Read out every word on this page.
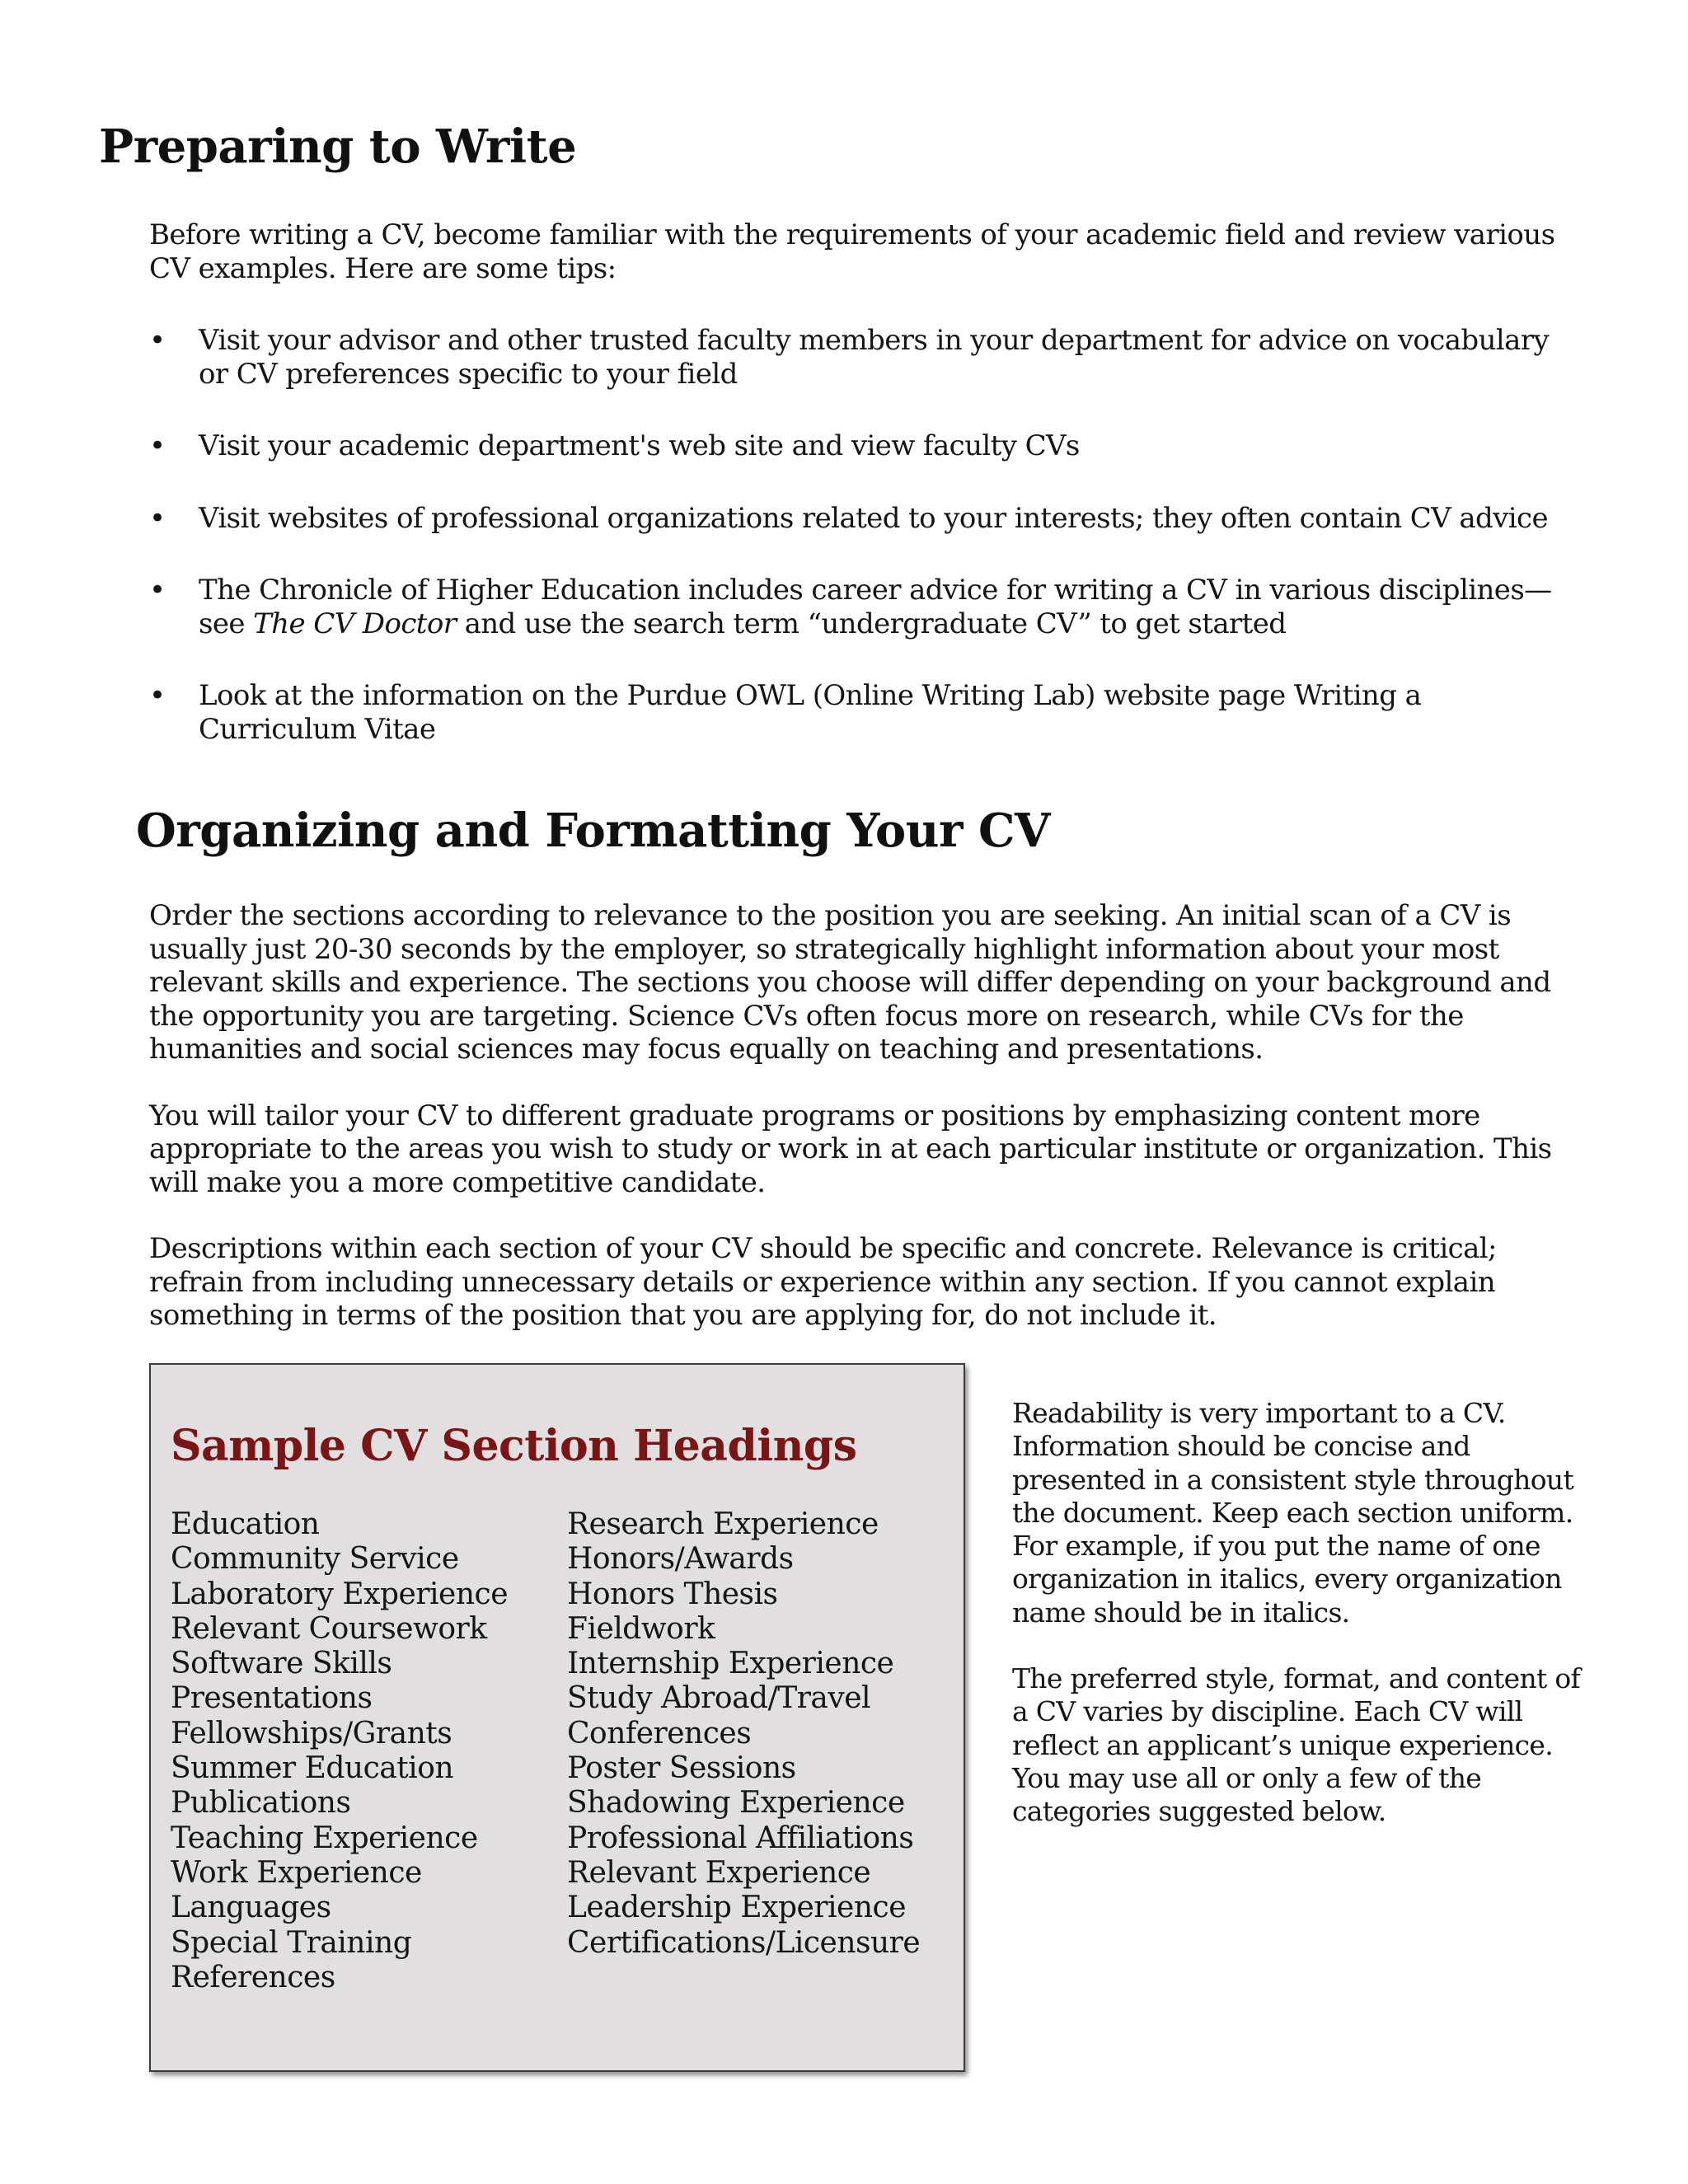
Preparing to Write

Before writing a CV, become familiar with the requirements of your academic field and review various CV examples. Here are some tips:

• Visit your advisor and other trusted faculty members in your department for advice on vocabulary or CV preferences specific to your field
• Visit your academic department's web site and view faculty CVs
• Visit websites of professional organizations related to your interests; they often contain CV advice
• The Chronicle of Higher Education includes career advice for writing a CV in various disciplines—see The CV Doctor and use the search term “undergraduate CV” to get started
• Look at the information on the Purdue OWL (Online Writing Lab) website page Writing a Curriculum Vitae
Organizing and Formatting Your CV

Order the sections according to relevance to the position you are seeking. An initial scan of a CV is usually just 20-30 seconds by the employer, so strategically highlight information about your most relevant skills and experience. The sections you choose will differ depending on your background and the opportunity you are targeting. Science CVs often focus more on research, while CVs for the humanities and social sciences may focus equally on teaching and presentations.

You will tailor your CV to different graduate programs or positions by emphasizing content more appropriate to the areas you wish to study or work in at each particular institute or organization. This will make you a more competitive candidate.

Descriptions within each section of your CV should be specific and concrete. Relevance is critical; refrain from including unnecessary details or experience within any section. If you cannot explain something in terms of the position that you are applying for, do not include it.

Sample CV Section Headings
Education
Community Service
Laboratory Experience
Relevant Coursework
Software Skills
Presentations
Fellowships/Grants
Summer Education
Publications
Teaching Experience
Work Experience
Languages
Special Training
References
Research Experience
Honors/Awards
Honors Thesis
Fieldwork
Internship Experience
Study Abroad/Travel
Conferences
Poster Sessions
Shadowing Experience
Professional Affiliations
Relevant Experience
Leadership Experience
Certifications/Licensure

Readability is very important to a CV. Information should be concise and presented in a consistent style throughout the document. Keep each section uniform. For example, if you put the name of one organization in italics, every organization name should be in italics.

The preferred style, format, and content of a CV varies by discipline. Each CV will reflect an applicant’s unique experience. You may use all or only a few of the categories suggested below.
